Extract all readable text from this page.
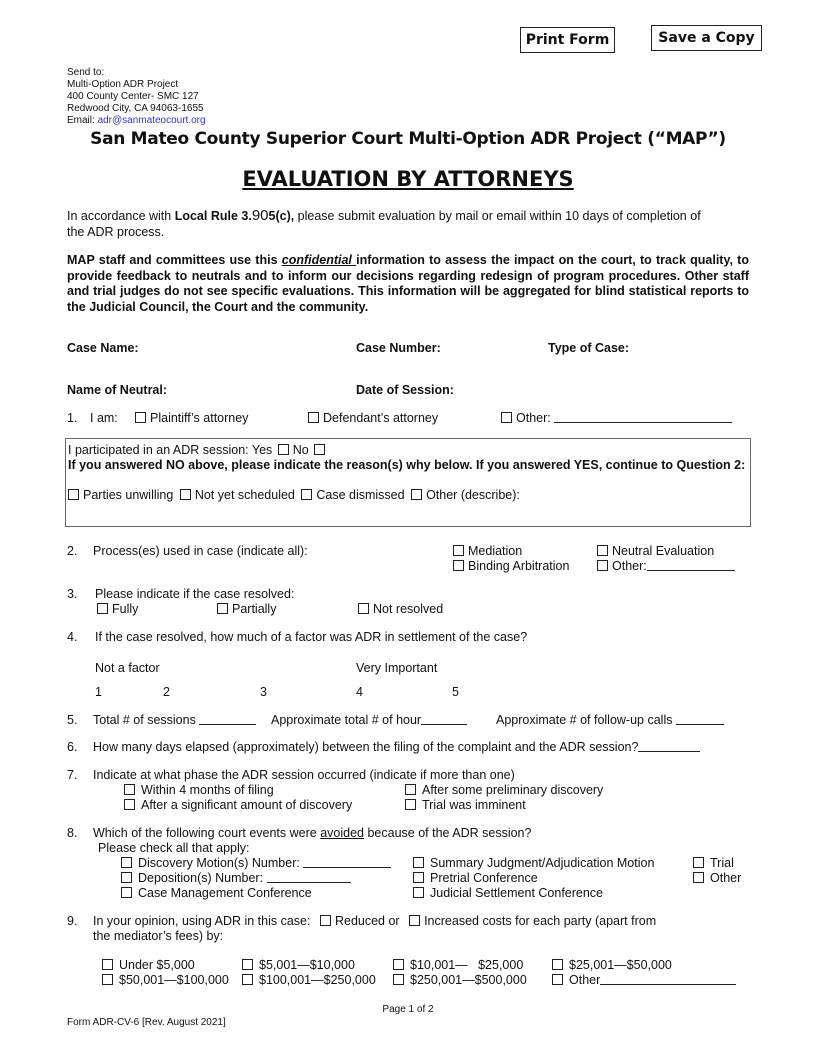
Print Form	Save a Copy
Send to:
Multi-Option ADR Project
400 County Center- SMC 127
Redwood City, CA 94063-1655
Email: adr@sanmateocourt.org
San Mateo County Superior Court Multi-Option ADR Project (“MAP”)
EVALUATION BY ATTORNEYS
In accordance with Local Rule 3.905(c), please submit evaluation by mail or email within 10 days of completion of
the ADR process.
MAP staff and committees use this confidential information to assess the impact on the court, to track quality, to provide feedback to neutrals and to inform our decisions regarding redesign of program procedures. Other staff and trial judges do not see specific evaluations. This information will be aggregated for blind statistical reports to the Judicial Council, the Court and the community.
Case Name:	Case Number:	Type of Case:
Name of Neutral:	Date of Session:
1. I am:	Plaintiff’s attorney	Defendant’s attorney	Other:
I participated in an ADR session: Yes No
If you answered NO above, please indicate the reason(s) why below. If you answered YES, continue to Question 2:
Parties unwilling Not yet scheduled Case dismissed Other (describe):
2. Process(es) used in case (indicate all):	Mediation	Neutral Evaluation
Binding Arbitration	Other:
3. Please indicate if the case resolved:
Fully	Partially	Not resolved
4. If the case resolved, how much of a factor was ADR in settlement of the case?
Not a factor	Very Important
1	2	3	4	5
5. Total # of sessions	Approximate total # of hour	Approximate # of follow-up calls
6. How many days elapsed (approximately) between the filing of the complaint and the ADR session?
7. Indicate at what phase the ADR session occurred (indicate if more than one)
Within 4 months of filing	After some preliminary discovery
After a significant amount of discovery	Trial was imminent
8. Which of the following court events were avoided because of the ADR session?
Please check all that apply:
Discovery Motion(s) Number:	Summary Judgment/Adjudication Motion	Trial
Deposition(s) Number:	Pretrial Conference	Other
Case Management Conference	Judicial Settlement Conference
9. In your opinion, using ADR in this case: Reduced or Increased costs for each party (apart from
the mediator’s fees) by:
Under $5,000	$5,001—$10,000	$10,001—   $25,000	$25,001—$50,000
$50,001—$100,000	$100,001—$250,000	$250,001—$500,000	Other
Page 1 of 2
Form ADR-CV-6 [Rev. August 2021]
